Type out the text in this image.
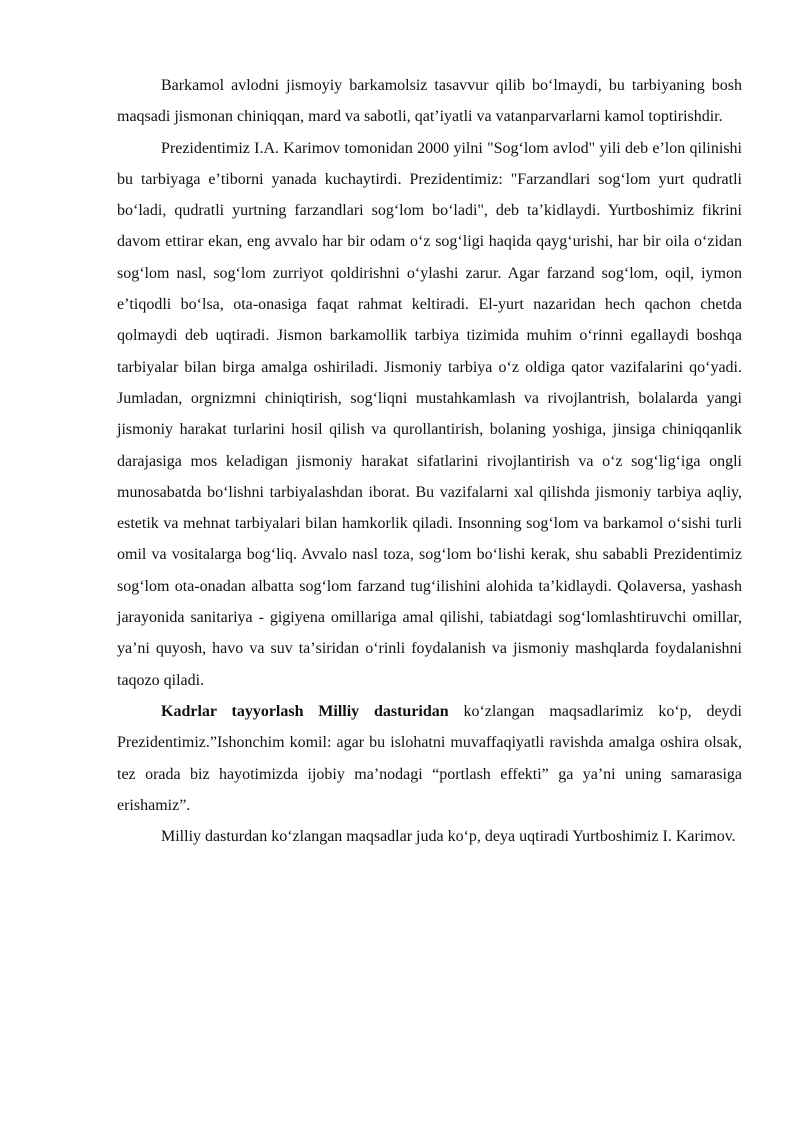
Barkamol avlodni jismoyiy barkamolsiz tasavvur qilib boʻlmaydi, bu tarbiyaning bosh maqsadi jismonan chiniqqan, mard va sabotli, qatʼiyatli va vatanparvarlarni kamol toptirishdir.

Prezidentimiz I.A. Karimov tomonidan 2000 yilni "Sogʻlom avlod" yili deb eʼlon qilinishi bu tarbiyaga eʼtiborni yanada kuchaytirdi. Prezidentimiz: "Farzandlari sogʻlom yurt qudratli boʻladi, qudratli yurtning farzandlari sogʻlom boʻladi", deb taʼkidlaydi. Yurtboshimiz fikrini davom ettirar ekan, eng avvalo har bir odam oʻz sogʻligi haqida qaygʻurishi, har bir oila oʻzidan sogʻlom nasl, sogʻlom zurriyot qoldirishni oʻylashi zarur. Agar farzand sogʻlom, oqil, iymon eʼtiqodli boʻlsa, ota-onasiga faqat rahmat keltiradi. El-yurt nazaridan hech qachon chetda qolmaydi deb uqtiradi. Jismon barkamollik tarbiya tizimida muhim oʻrinni egallaydi boshqa tarbiyalar bilan birga amalga oshiriladi. Jismoniy tarbiya oʻz oldiga qator vazifalarini qoʻyadi. Jumladan, orgnizmni chiniqtirish, sogʻliqni mustahkamlash va rivojlantrish, bolalarda yangi jismoniy harakat turlarini hosil qilish va qurollantirish, bolaning yoshiga, jinsiga chiniqqanlik darajasiga mos keladigan jismoniy harakat sifatlarini rivojlantirish va oʻz sogʻligʻiga ongli munosabatda boʻlishni tarbiyalashdan iborat. Bu vazifalarni xal qilishda jismoniy tarbiya aqliy, estetik va mehnat tarbiyalari bilan hamkorlik qiladi. Insonning sogʻlom va barkamol oʻsishi turli omil va vositalarga bogʻliq. Avvalo nasl toza, sogʻlom boʻlishi kerak, shu sababli Prezidentimiz sogʻlom ota-onadan albatta sogʻlom farzand tugʻilishini alohida taʼkidlaydi. Qolaversa, yashash jarayonida sanitariya - gigiyena omillariga amal qilishi, tabiatdagi sogʻlomlashtiruvchi omillar, yaʼni quyosh, havo va suv taʼsiridan oʻrinli foydalanish va jismoniy mashqlarda foydalanishni taqozo qiladi.

Kadrlar tayyorlash Milliy dasturidan koʻzlangan maqsadlarimiz koʻp, deydi Prezidentimiz.”Ishonchim komil: agar bu islohatni muvaffaqiyatli ravishda amalga oshira olsak, tez orada biz hayotimizda ijobiy maʼnodagi “portlash effekti” ga yaʼni uning samarasiga erishamiz”.

Milliy dasturdan koʻzlangan maqsadlar juda koʻp, deya uqtiradi Yurtboshimiz I. Karimov.
